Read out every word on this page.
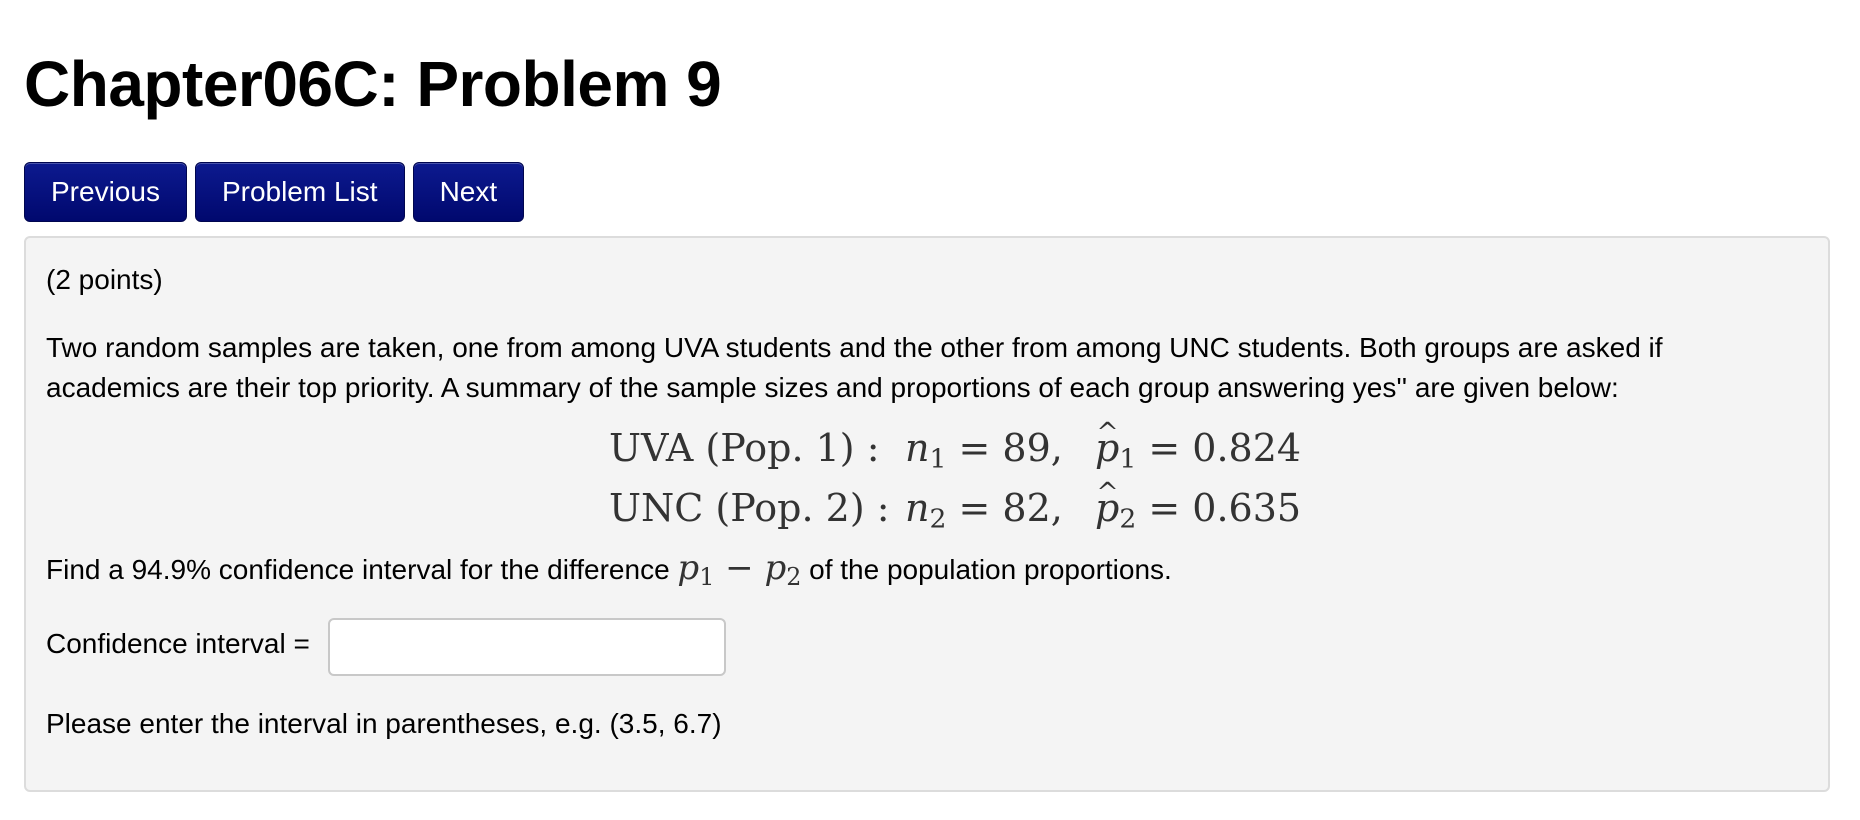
Chapter06C: Problem 9
Previous	Problem List	Next

(2 points)

Two random samples are taken, one from among UVA students and the other from among UNC students. Both groups are asked if academics are their top priority. A summary of the sample sizes and proportions of each group answering yes'' are given below:

UVA (Pop. 1) : $n_1 = 89$, ^ $p_1 = 0.824$
UNC (Pop. 2) : $n_2 = 82$, ^ $p_2 = 0.635$

Find a 94.9% confidence interval for the difference $p_1 - p_2$ of the population proportions.

Confidence interval =

Please enter the interval in parentheses, e.g. (3.5, 6.7)
